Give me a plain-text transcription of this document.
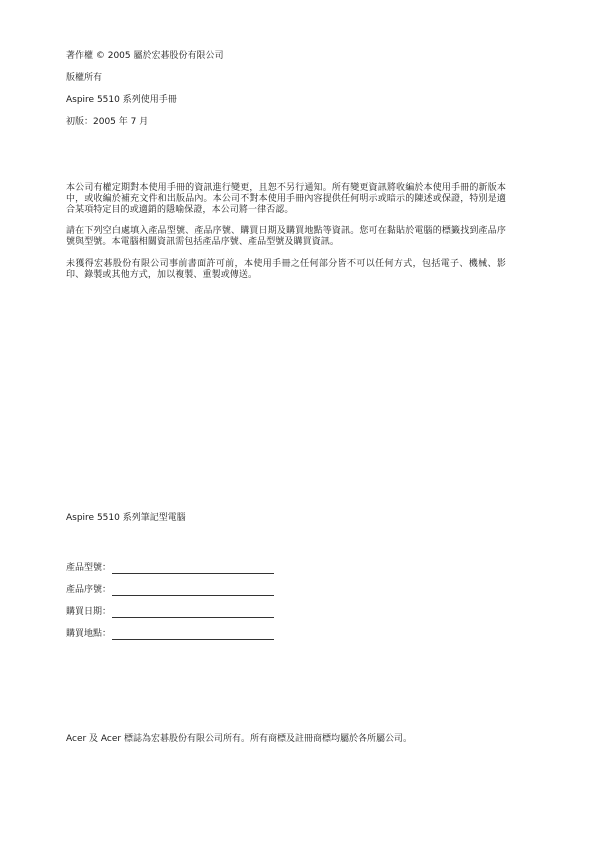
著作權 © 2005 屬於宏碁股份有限公司

版權所有

Aspire 5510 系列使用手冊

初版：2005 年 7 月

本公司有權定期對本使用手冊的資訊進行變更，且恕不另行通知。所有變更資訊將收編於本使用手冊的新版本中，或收編於補充文件和出版品內。本公司不對本使用手冊內容提供任何明示或暗示的陳述或保證，特別是適合某項特定目的或適銷的隱喻保證，本公司將一律否認。

請在下列空白處填入產品型號、產品序號、購買日期及購買地點等資訊。您可在黏貼於電腦的標籤找到產品序號與型號。本電腦相關資訊需包括產品序號、產品型號及購買資訊。

未獲得宏碁股份有限公司事前書面許可前，本使用手冊之任何部分皆不可以任何方式，包括電子、機械、影印、錄製或其他方式，加以複製、重製或傳送。

Aspire 5510 系列筆記型電腦

產品型號：
產品序號：
購買日期：
購買地點：

Acer 及 Acer 標誌為宏碁股份有限公司所有。所有商標及註冊商標均屬於各所屬公司。
